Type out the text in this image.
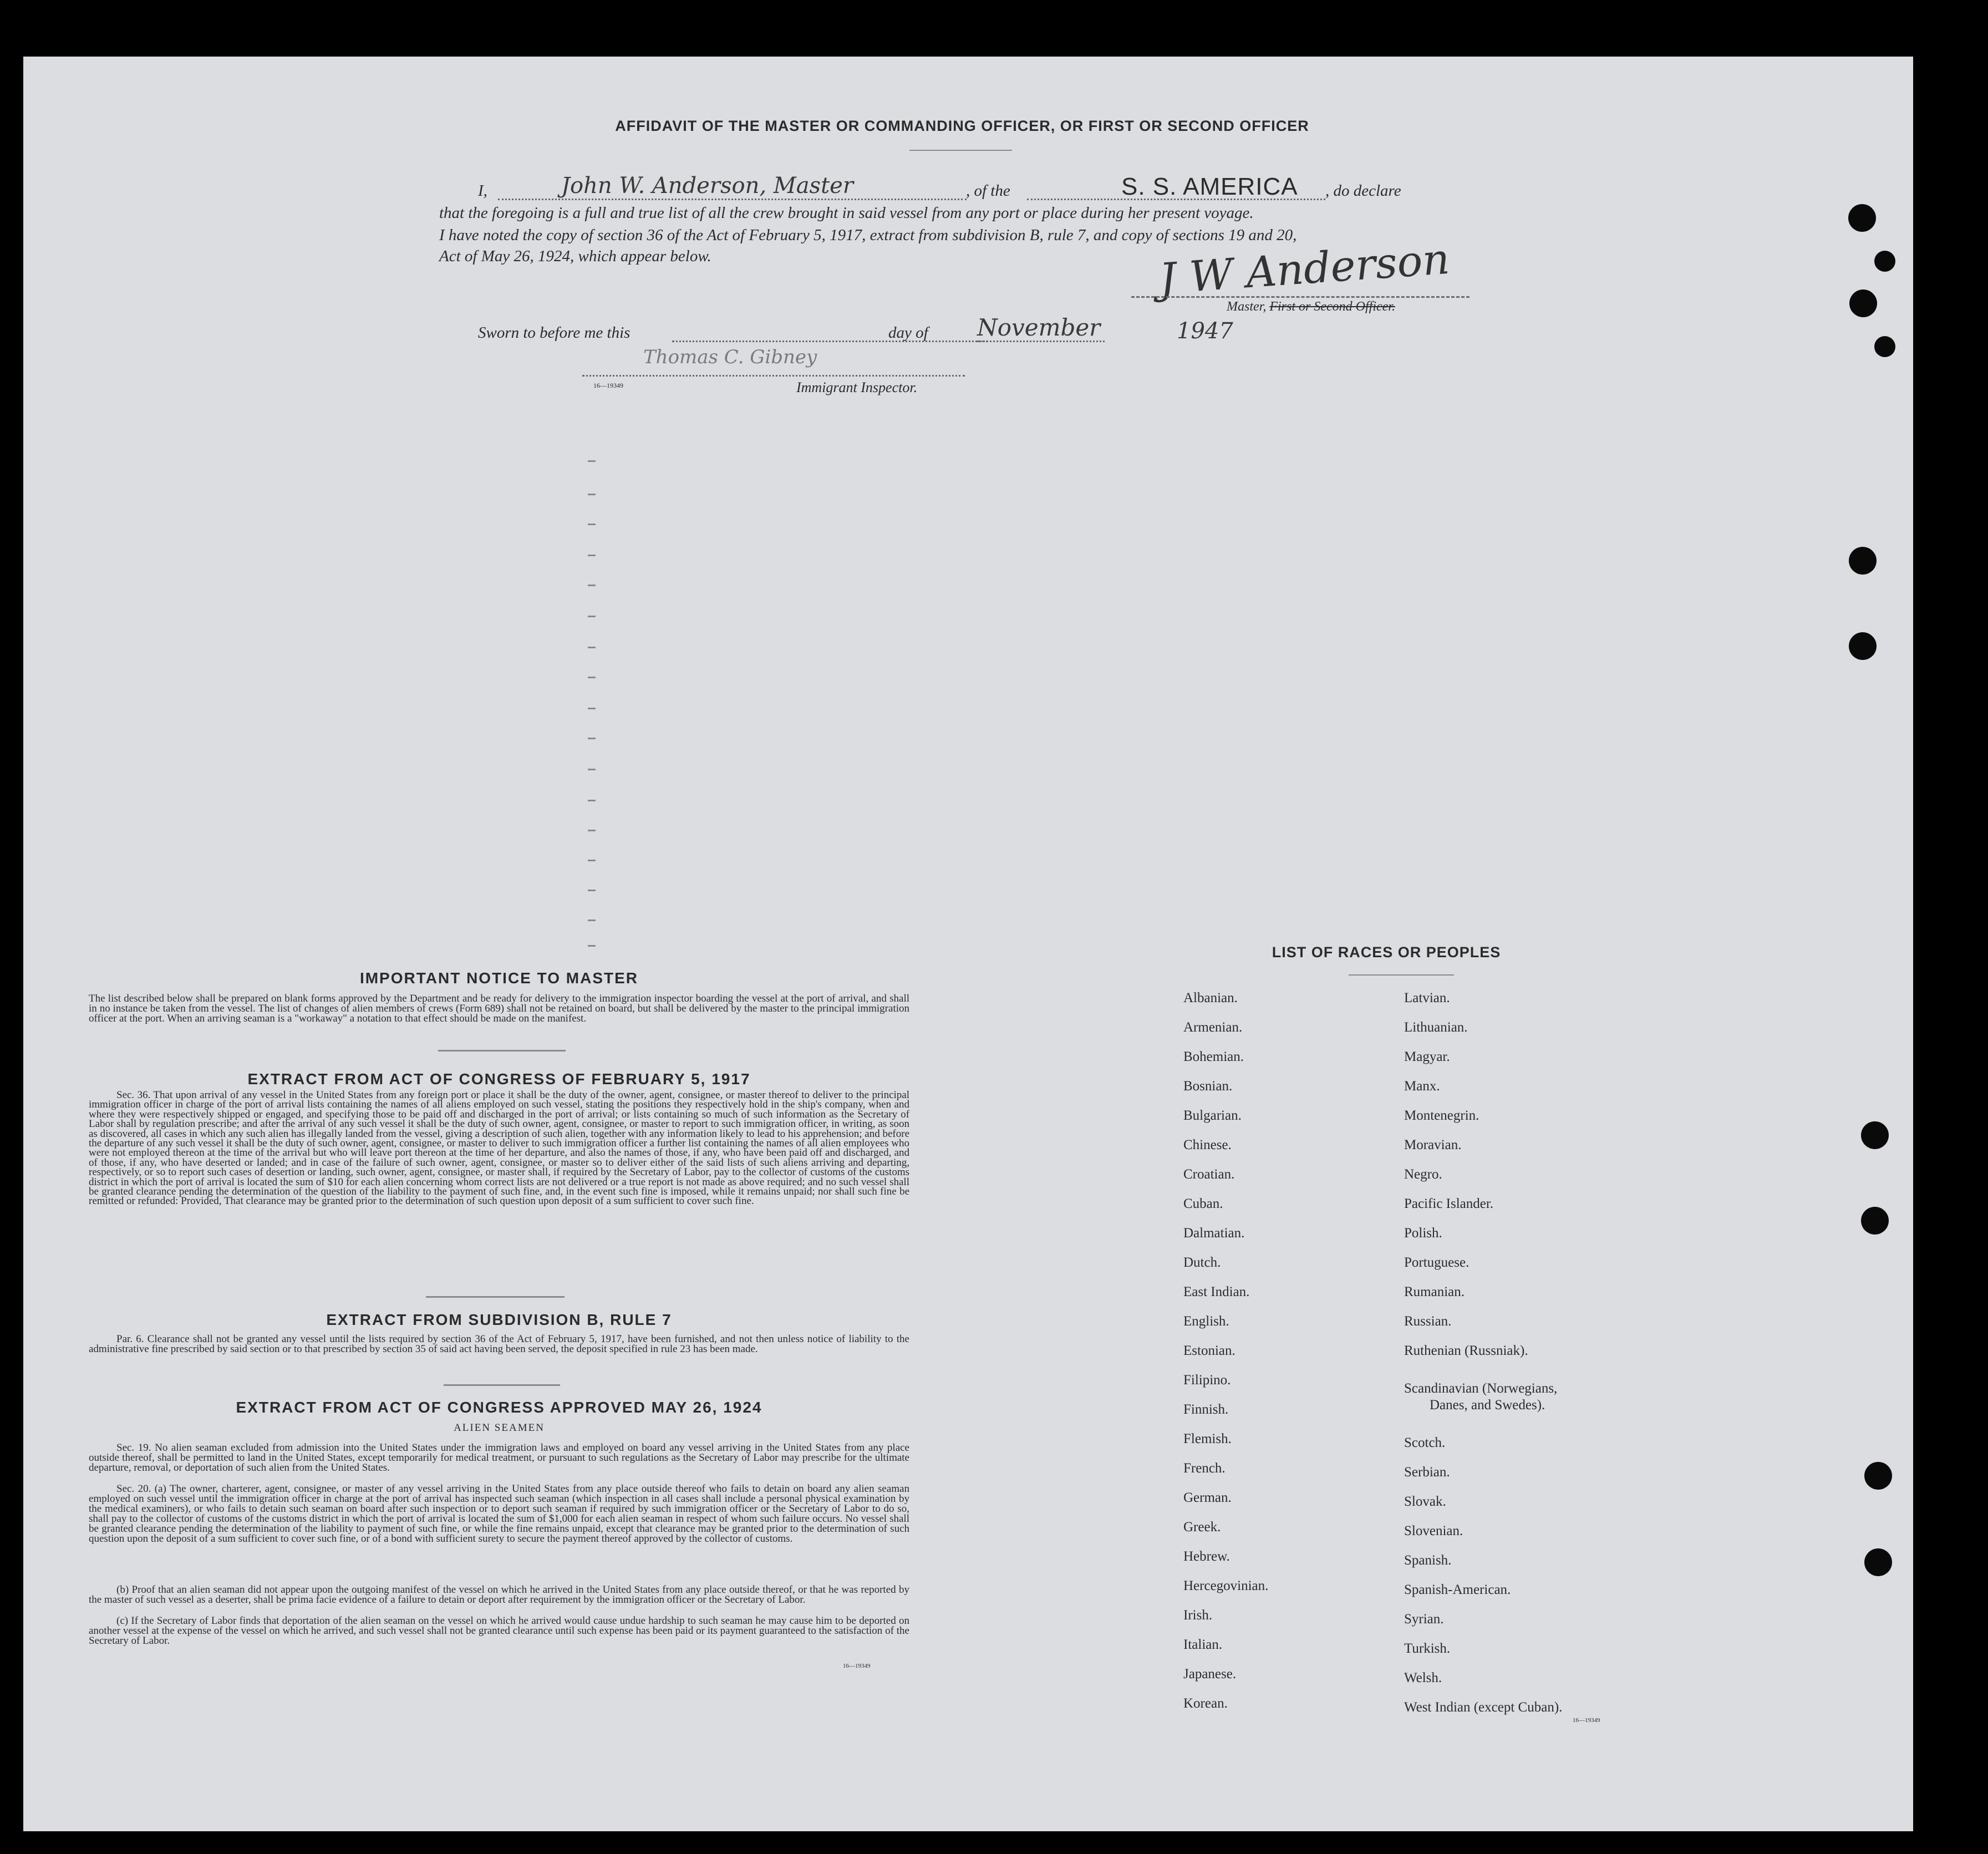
AFFIDAVIT OF THE MASTER OR COMMANDING OFFICER, OR FIRST OR SECOND OFFICER
I,	John W. Anderson, Master	, of the	S. S. AMERICA , do declare
that the foregoing is a full and true list of all the crew brought in said vessel from any port or place during her present voyage.
I have noted the copy of section 36 of the Act of February 5, 1917, extract from subdivision B, rule 7, and copy of sections 19 and 20,
Act of May 26, 1924, which appear below.	J W Anderson
Master, First or Second Officer.
Sworn to before me this	day of November	1947
Thomas C. Gibney
16—19349	Immigrant Inspector.
IMPORTANT NOTICE TO MASTER
The list described below shall be prepared on blank forms approved by the Department and be ready for delivery to the immigration inspector boarding the vessel at the port of arrival, and shall in no instance be taken from the vessel. The list of changes of alien members of crews (Form 689) shall not be retained on board, but shall be delivered by the master to the principal immigration officer at the port. When an arriving seaman is a "workaway" a notation to that effect should be made on the manifest.
EXTRACT FROM ACT OF CONGRESS OF FEBRUARY 5, 1917
Sec. 36. That upon arrival of any vessel in the United States from any foreign port or place it shall be the duty of the owner, agent, consignee, or master thereof to deliver to the principal immigration officer in charge of the port of arrival lists containing the names of all aliens employed on such vessel, stating the positions they respectively hold in the ship's company, when and where they were respectively shipped or engaged, and specifying those to be paid off and discharged in the port of arrival; or lists containing so much of such information as the Secretary of Labor shall by regulation prescribe; and after the arrival of any such vessel it shall be the duty of such owner, agent, consignee, or master to report to such immigration officer, in writing, as soon as discovered, all cases in which any such alien has illegally landed from the vessel, giving a description of such alien, together with any information likely to lead to his apprehension; and before the departure of any such vessel it shall be the duty of such owner, agent, consignee, or master to deliver to such immigration officer a further list containing the names of all alien employees who were not employed thereon at the time of the arrival but who will leave port thereon at the time of her departure, and also the names of those, if any, who have been paid off and discharged, and of those, if any, who have deserted or landed; and in case of the failure of such owner, agent, consignee, or master so to deliver either of the said lists of such aliens arriving and departing, respectively, or so to report such cases of desertion or landing, such owner, agent, consignee, or master shall, if required by the Secretary of Labor, pay to the collector of customs of the customs district in which the port of arrival is located the sum of $10 for each alien concerning whom correct lists are not delivered or a true report is not made as above required; and no such vessel shall be granted clearance pending the determination of the question of the liability to the payment of such fine, and, in the event such fine is imposed, while it remains unpaid; nor shall such fine be remitted or refunded: Provided, That clearance may be granted prior to the determination of such question upon deposit of a sum sufficient to cover such fine.
EXTRACT FROM SUBDIVISION B, RULE 7
Par. 6. Clearance shall not be granted any vessel until the lists required by section 36 of the Act of February 5, 1917, have been furnished, and not then unless notice of liability to the administrative fine prescribed by said section or to that prescribed by section 35 of said act having been served, the deposit specified in rule 23 has been made.
EXTRACT FROM ACT OF CONGRESS APPROVED MAY 26, 1924
ALIEN SEAMEN
Sec. 19. No alien seaman excluded from admission into the United States under the immigration laws and employed on board any vessel arriving in the United States from any place outside thereof, shall be permitted to land in the United States, except temporarily for medical treatment, or pursuant to such regulations as the Secretary of Labor may prescribe for the ultimate departure, removal, or deportation of such alien from the United States.
Sec. 20. (a) The owner, charterer, agent, consignee, or master of any vessel arriving in the United States from any place outside thereof who fails to detain on board any alien seaman employed on such vessel until the immigration officer in charge at the port of arrival has inspected such seaman (which inspection in all cases shall include a personal physical examination by the medical examiners), or who fails to detain such seaman on board after such inspection or to deport such seaman if required by such immigration officer or the Secretary of Labor to do so, shall pay to the collector of customs of the customs district in which the port of arrival is located the sum of $1,000 for each alien seaman in respect of whom such failure occurs. No vessel shall be granted clearance pending the determination of the liability to payment of such fine, or while the fine remains unpaid, except that clearance may be granted prior to the determination of such question upon the deposit of a sum sufficient to cover such fine, or of a bond with sufficient surety to secure the payment thereof approved by the collector of customs.
(b) Proof that an alien seaman did not appear upon the outgoing manifest of the vessel on which he arrived in the United States from any place outside thereof, or that he was reported by the master of such vessel as a deserter, shall be prima facie evidence of a failure to detain or deport after requirement by the immigration officer or the Secretary of Labor.
(c) If the Secretary of Labor finds that deportation of the alien seaman on the vessel on which he arrived would cause undue hardship to such seaman he may cause him to be deported on another vessel at the expense of the vessel on which he arrived, and such vessel shall not be granted clearance until such expense has been paid or its payment guaranteed to the satisfaction of the Secretary of Labor.
16—19349
LIST OF RACES OR PEOPLES
Albanian.
Armenian.
Bohemian.
Bosnian.
Bulgarian.
Chinese.
Croatian.
Cuban.
Dalmatian.
Dutch.
East Indian.
English.
Estonian.
Filipino.
Finnish.
Flemish.
French.
German.
Greek.
Hebrew.
Hercegovinian.
Irish.
Italian.
Japanese.
Korean.
Latvian.
Lithuanian.
Magyar.
Manx.
Montenegrin.
Moravian.
Negro.
Pacific Islander.
Polish.
Portuguese.
Rumanian.
Russian.
Ruthenian (Russniak).
Scandinavian (Norwegians,
Danes, and Swedes).
Scotch.
Serbian.
Slovak.
Slovenian.
Spanish.
Spanish-American.
Syrian.
Turkish.
Welsh.
West Indian (except Cuban).
16—19349
